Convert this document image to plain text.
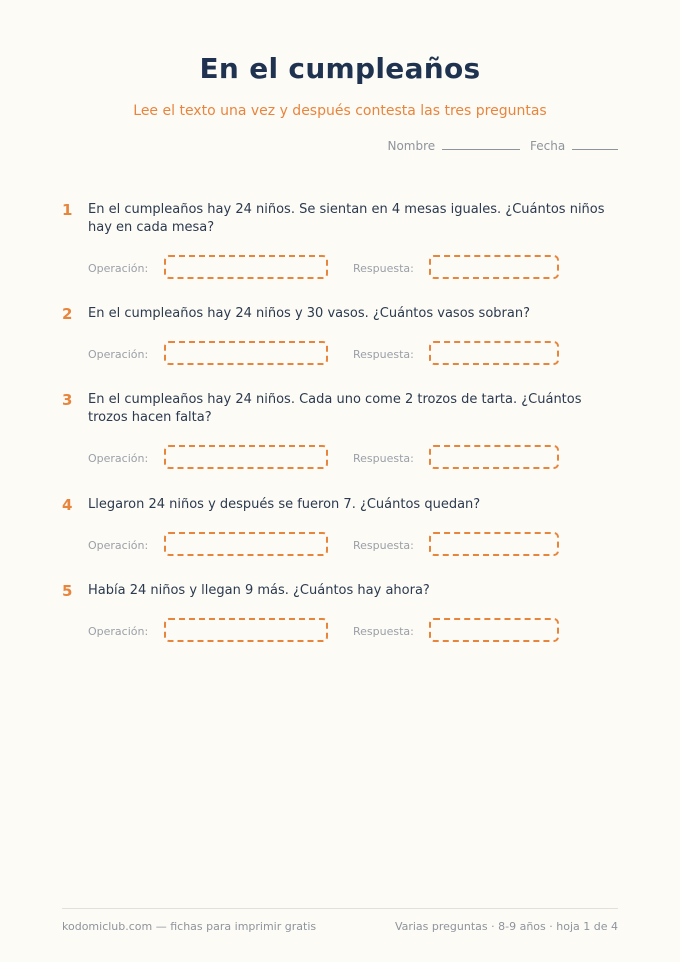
En el cumpleaños
Lee el texto una vez y después contesta las tres preguntas
Nombre	Fecha
1	En el cumpleaños hay 24 niños. Se sientan en 4 mesas iguales. ¿Cuántos niños hay en cada mesa?
Operación:	Respuesta:
2	En el cumpleaños hay 24 niños y 30 vasos. ¿Cuántos vasos sobran?
Operación:	Respuesta:
3	En el cumpleaños hay 24 niños. Cada uno come 2 trozos de tarta. ¿Cuántos trozos hacen falta?
Operación:	Respuesta:
4	Llegaron 24 niños y después se fueron 7. ¿Cuántos quedan?
Operación:	Respuesta:
5	Había 24 niños y llegan 9 más. ¿Cuántos hay ahora?
Operación:	Respuesta:
kodomiclub.com — fichas para imprimir gratis	Varias preguntas · 8-9 años · hoja 1 de 4
